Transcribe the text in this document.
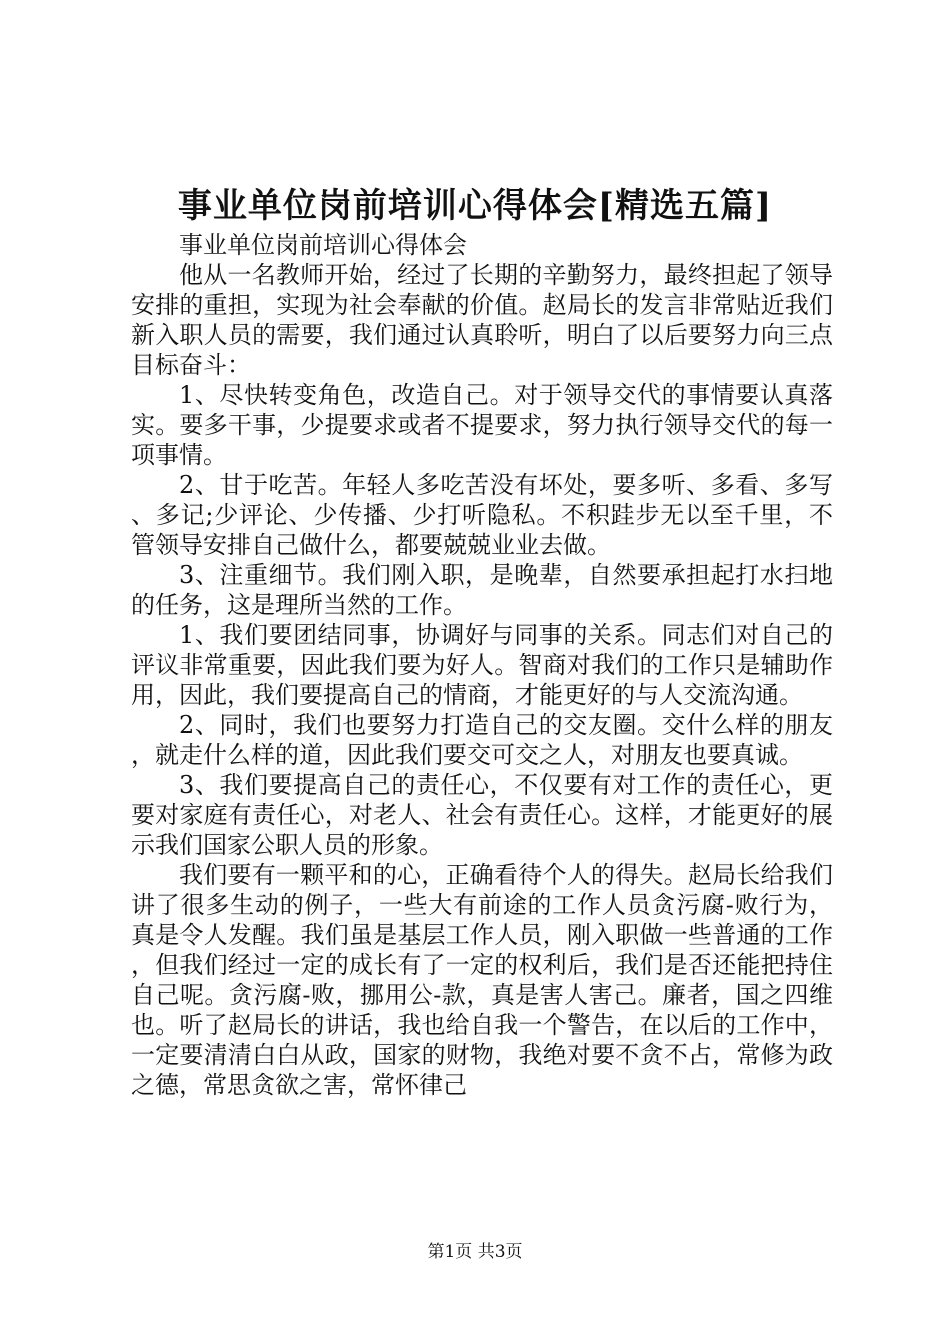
事业单位岗前培训心得体会[精选五篇]

事业单位岗前培训心得体会

他从一名教师开始，经过了长期的辛勤努力，最终担起了领导安排的重担，实现为社会奉献的价值。赵局长的发言非常贴近我们新入职人员的需要，我们通过认真聆听，明白了以后要努力向三点目标奋斗：

1、尽快转变角色，改造自己。对于领导交代的事情要认真落实。要多干事，少提要求或者不提要求，努力执行领导交代的每一项事情。

2、甘于吃苦。年轻人多吃苦没有坏处，要多听、多看、多写、多记;少评论、少传播、少打听隐私。不积跬步无以至千里，不管领导安排自己做什么，都要兢兢业业去做。

3、注重细节。我们刚入职，是晚辈，自然要承担起打水扫地的任务，这是理所当然的工作。

1、我们要团结同事，协调好与同事的关系。同志们对自己的评议非常重要，因此我们要为好人。智商对我们的工作只是辅助作用，因此，我们要提高自己的情商，才能更好的与人交流沟通。

2、同时，我们也要努力打造自己的交友圈。交什么样的朋友，就走什么样的道，因此我们要交可交之人，对朋友也要真诚。

3、我们要提高自己的责任心，不仅要有对工作的责任心，更要对家庭有责任心，对老人、社会有责任心。这样，才能更好的展示我们国家公职人员的形象。

我们要有一颗平和的心，正确看待个人的得失。赵局长给我们讲了很多生动的例子，一些大有前途的工作人员贪污腐-败行为，真是令人发醒。我们虽是基层工作人员，刚入职做一些普通的工作，但我们经过一定的成长有了一定的权利后，我们是否还能把持住自己呢。贪污腐-败，挪用公-款，真是害人害己。廉者，国之四维也。听了赵局长的讲话，我也给自我一个警告，在以后的工作中，一定要清清白白从政，国家的财物，我绝对要不贪不占，常修为政之德，常思贪欲之害，常怀律己

第1页 共3页
